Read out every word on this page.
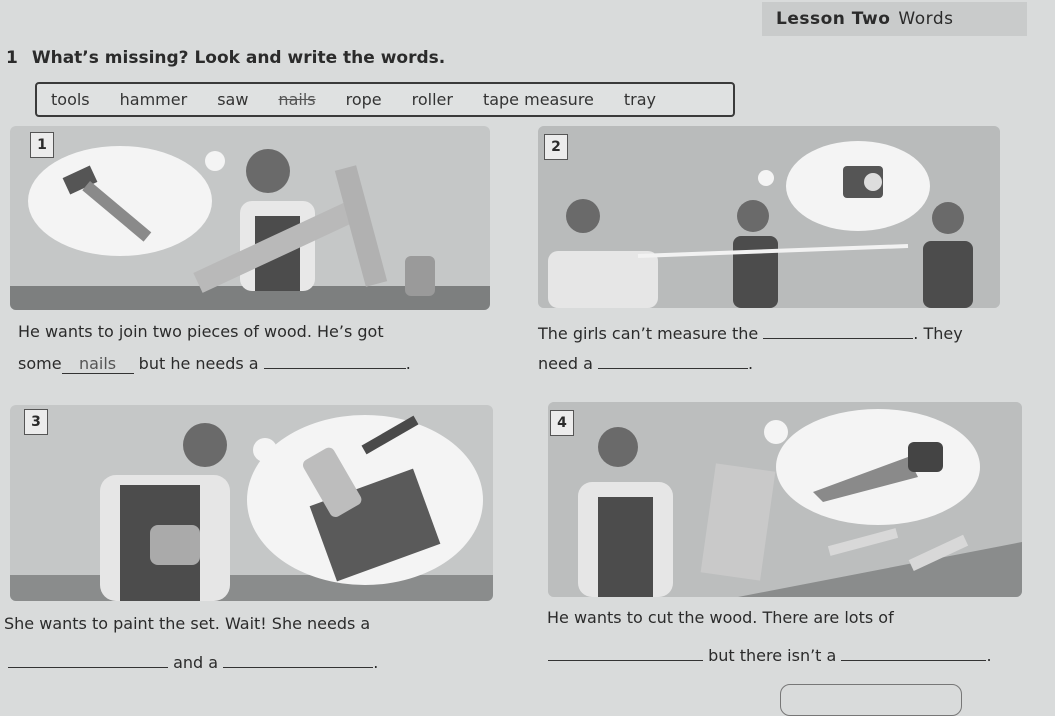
Lesson Two Words
1 What’s missing? Look and write the words.
tools hammer saw nails rope roller tape measure tray
1	2
He wants to join two pieces of wood. He’s got
some nails but he needs a	.
The girls can’t measure the	. They
need a	.
3	4
She wants to paint the set. Wait! She needs a
and a	.
He wants to cut the wood. There are lots of
but there isn’t a	.
